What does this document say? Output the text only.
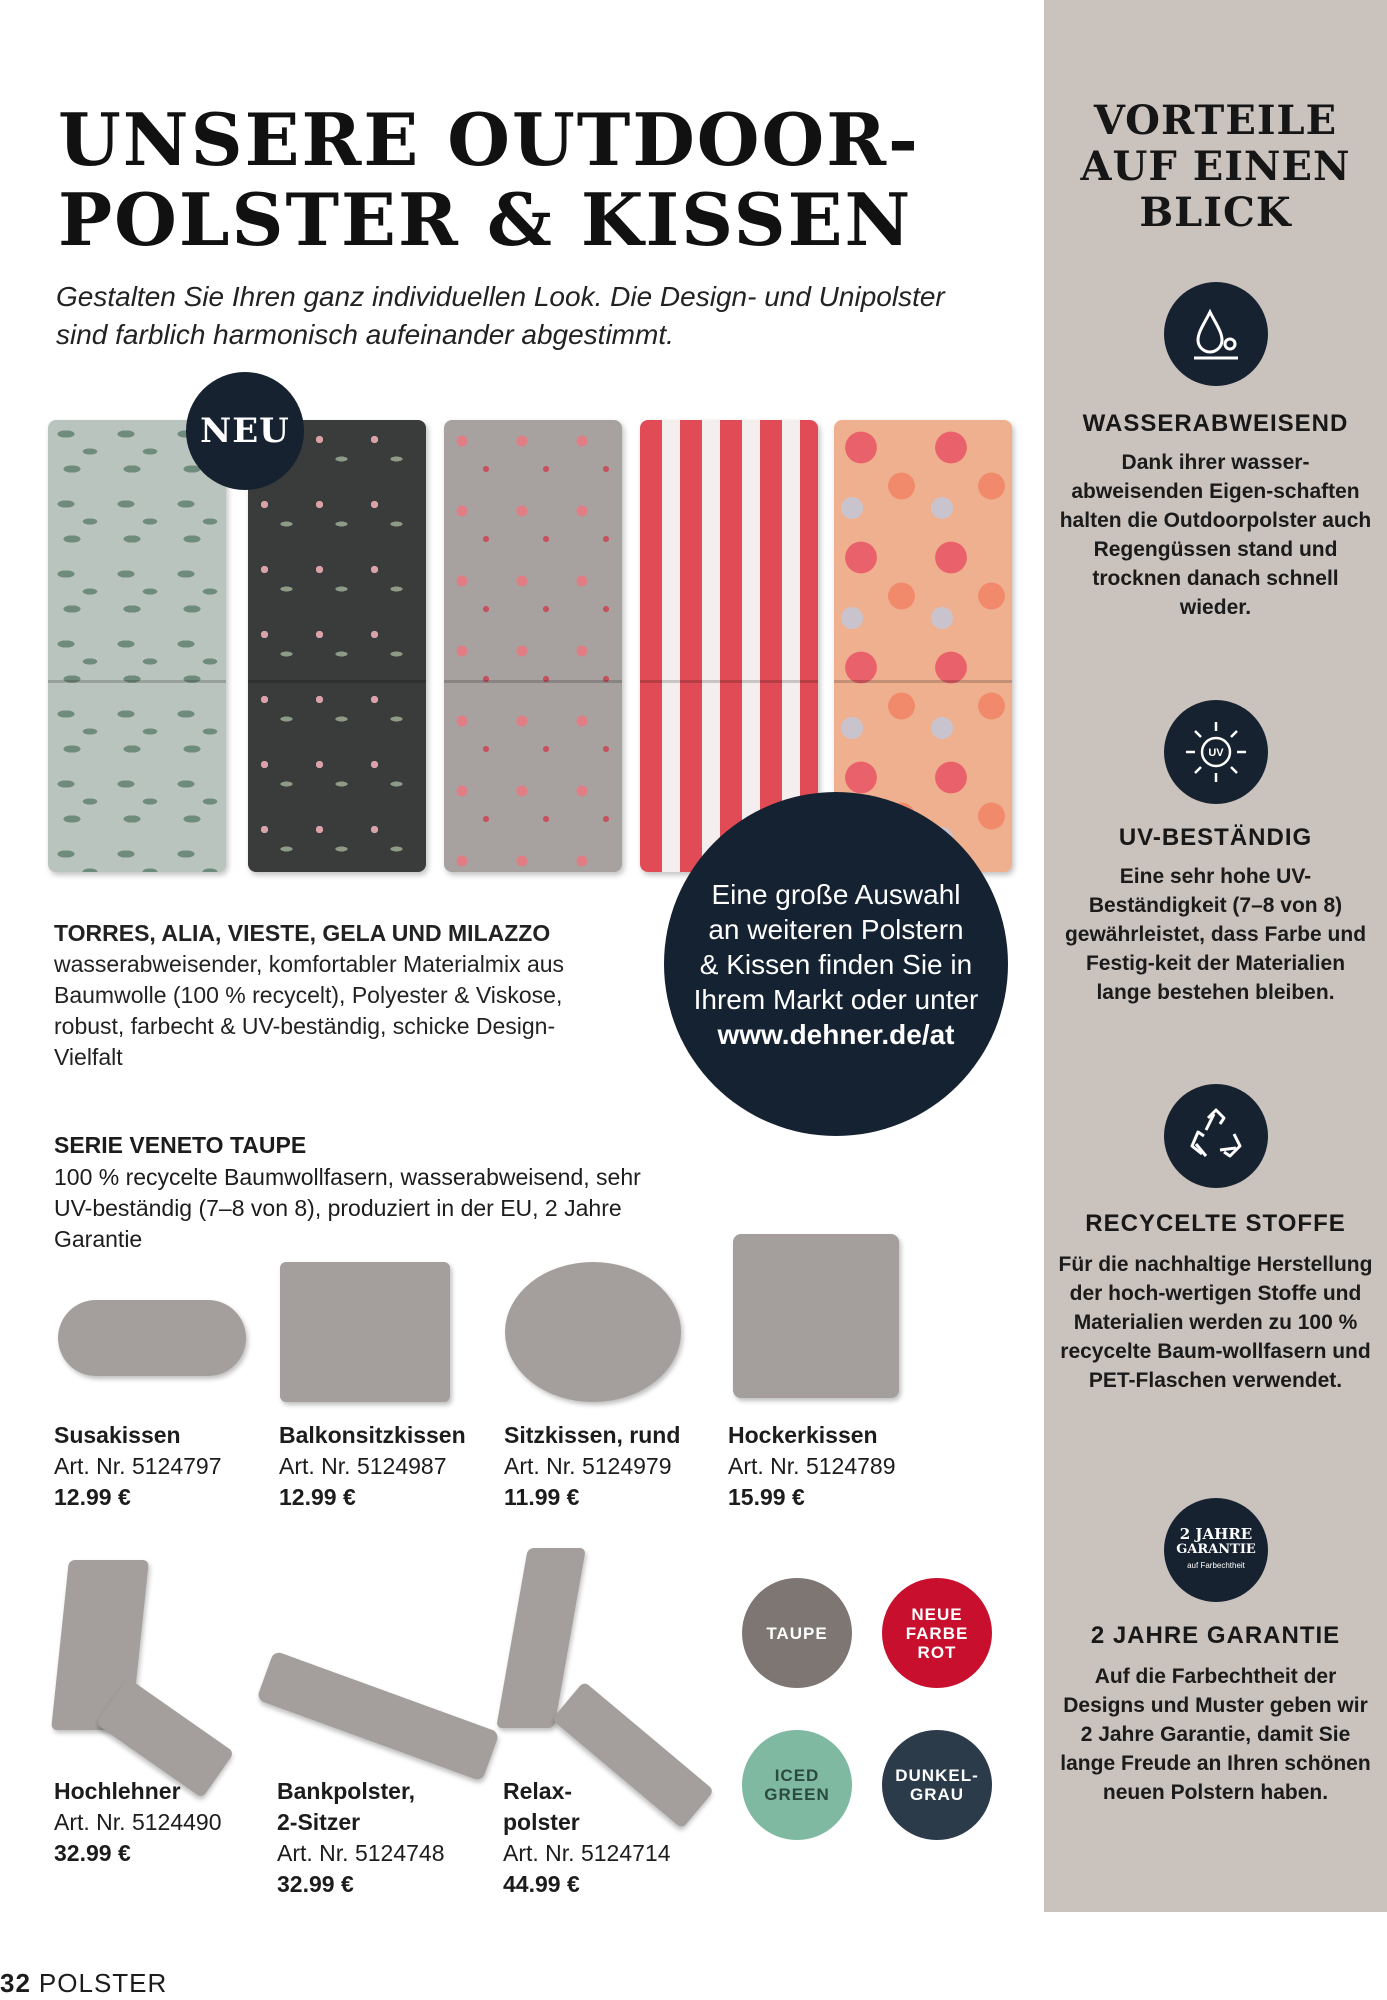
UNSERE OUTDOOR-
POLSTER & KISSEN
Gestalten Sie Ihren ganz individuellen Look. Die Design- und Unipolster sind farblich harmonisch aufeinander abgestimmt.
NEU
Eine große Auswahl
an weiteren Polstern
& Kissen finden Sie in
Ihrem Markt oder unter
www.dehner.de/at
TORRES, ALIA, VIESTE, GELA UND MILAZZO wasserabweisender, komfortabler Materialmix aus Baumwolle (100 % recycelt), Polyester & Viskose, robust, farbecht & UV-beständig, schicke Design-Vielfalt
SERIE VENETO TAUPE
100 % recycelte Baumwollfasern, wasserabweisend, sehr UV-beständig (7–8 von 8), produziert in der EU, 2 Jahre Garantie
Susakissen
Art. Nr. 5124797
12.99 €
Balkonsitzkissen
Art. Nr. 5124987
12.99 €
Sitzkissen, rund
Art. Nr. 5124979
11.99 €
Hockerkissen
Art. Nr. 5124789
15.99 €
Hochlehner
Art. Nr. 5124490
32.99 €
Bankpolster,
2-Sitzer
Art. Nr. 5124748
32.99 €
Relax-
polster
Art. Nr. 5124714
44.99 €
TAUPE
NEUE
FARBE
ROT
ICED
GREEN
DUNKEL-
GRAU
32 POLSTER
VORTEILE
AUF EINEN
BLICK
WASSERABWEISEND
Dank ihrer wasser-abweisenden Eigen-schaften halten die Outdoorpolster auch Regengüssen stand und trocknen danach schnell wieder.
UV
UV-BESTÄNDIG
Eine sehr hohe UV-Beständigkeit (7–8 von 8) gewährleistet, dass Farbe und Festig-keit der Materialien lange bestehen bleiben.
RECYCELTE STOFFE
Für die nachhaltige Herstellung der hoch-wertigen Stoffe und Materialien werden zu 100 % recycelte Baum-wollfasern und PET-Flaschen verwendet.
2 JAHRE
GARANTIE
auf Farbechtheit
2 JAHRE GARANTIE
Auf die Farbechtheit der Designs und Muster geben wir 2 Jahre Garantie, damit Sie lange Freude an Ihren schönen neuen Polstern haben.
